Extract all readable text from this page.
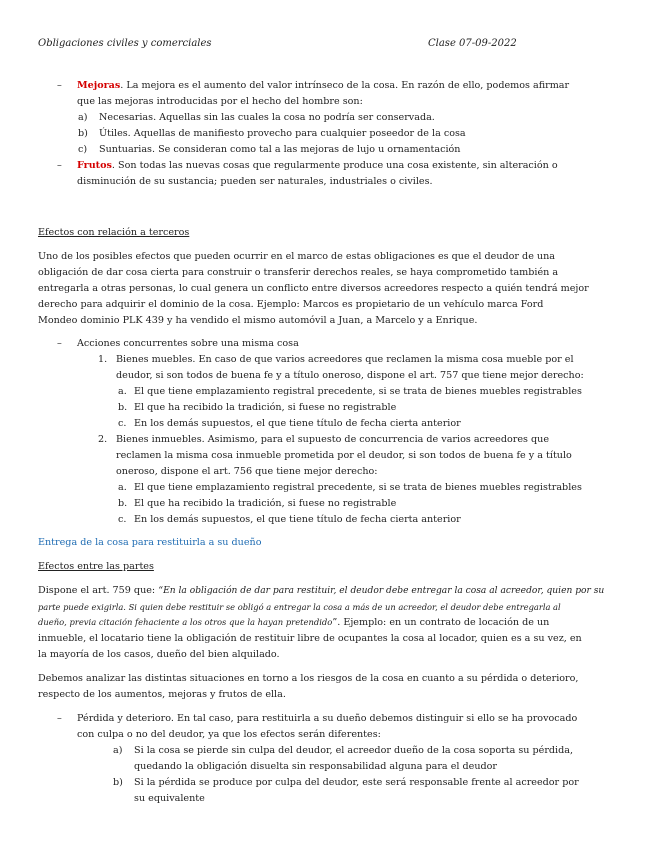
Obligaciones civiles y comerciales	Clase 07-09-2022
– Mejoras. La mejora es el aumento del valor intrínseco de la cosa. En razón de ello, podemos afirmar
que las mejoras introducidas por el hecho del hombre son:
a) Necesarias. Aquellas sin las cuales la cosa no podría ser conservada.
b) Útiles. Aquellas de manifiesto provecho para cualquier poseedor de la cosa
c) Suntuarias. Se consideran como tal a las mejoras de lujo u ornamentación
– Frutos. Son todas las nuevas cosas que regularmente produce una cosa existente, sin alteración o
disminución de su sustancia; pueden ser naturales, industriales o civiles.
Efectos con relación a terceros
Uno de los posibles efectos que pueden ocurrir en el marco de estas obligaciones es que el deudor de una
obligación de dar cosa cierta para construir o transferir derechos reales, se haya comprometido también a
entregarla a otras personas, lo cual genera un conflicto entre diversos acreedores respecto a quién tendrá mejor
derecho para adquirir el dominio de la cosa. Ejemplo: Marcos es propietario de un vehículo marca Ford
Mondeo dominio PLK 439 y ha vendido el mismo automóvil a Juan, a Marcelo y a Enrique.
– Acciones concurrentes sobre una misma cosa
1. Bienes muebles. En caso de que varios acreedores que reclamen la misma cosa mueble por el
deudor, si son todos de buena fe y a título oneroso, dispone el art. 757 que tiene mejor derecho:
a. El que tiene emplazamiento registral precedente, si se trata de bienes muebles registrables
b. El que ha recibido la tradición, si fuese no registrable
c. En los demás supuestos, el que tiene título de fecha cierta anterior
2. Bienes inmuebles. Asimismo, para el supuesto de concurrencia de varios acreedores que
reclamen la misma cosa inmueble prometida por el deudor, si son todos de buena fe y a título
oneroso, dispone el art. 756 que tiene mejor derecho:
a. El que tiene emplazamiento registral precedente, si se trata de bienes muebles registrables
b. El que ha recibido la tradición, si fuese no registrable
c. En los demás supuestos, el que tiene título de fecha cierta anterior
Entrega de la cosa para restituirla a su dueño
Efectos entre las partes
Dispone el art. 759 que: “En la obligación de dar para restituir, el deudor debe entregar la cosa al acreedor, quien por su
parte puede exigirla. Si quien debe restituir se obligó a entregar la cosa a más de un acreedor, el deudor debe entregarla al
dueño, previa citación fehaciente a los otros que la hayan pretendido”. Ejemplo: en un contrato de locación de un
inmueble, el locatario tiene la obligación de restituir libre de ocupantes la cosa al locador, quien es a su vez, en
la mayoría de los casos, dueño del bien alquilado.
Debemos analizar las distintas situaciones en torno a los riesgos de la cosa en cuanto a su pérdida o deterioro,
respecto de los aumentos, mejoras y frutos de ella.
– Pérdida y deterioro. En tal caso, para restituirla a su dueño debemos distinguir si ello se ha provocado
con culpa o no del deudor, ya que los efectos serán diferentes:
a) Si la cosa se pierde sin culpa del deudor, el acreedor dueño de la cosa soporta su pérdida,
quedando la obligación disuelta sin responsabilidad alguna para el deudor
b) Si la pérdida se produce por culpa del deudor, este será responsable frente al acreedor por
su equivalente
